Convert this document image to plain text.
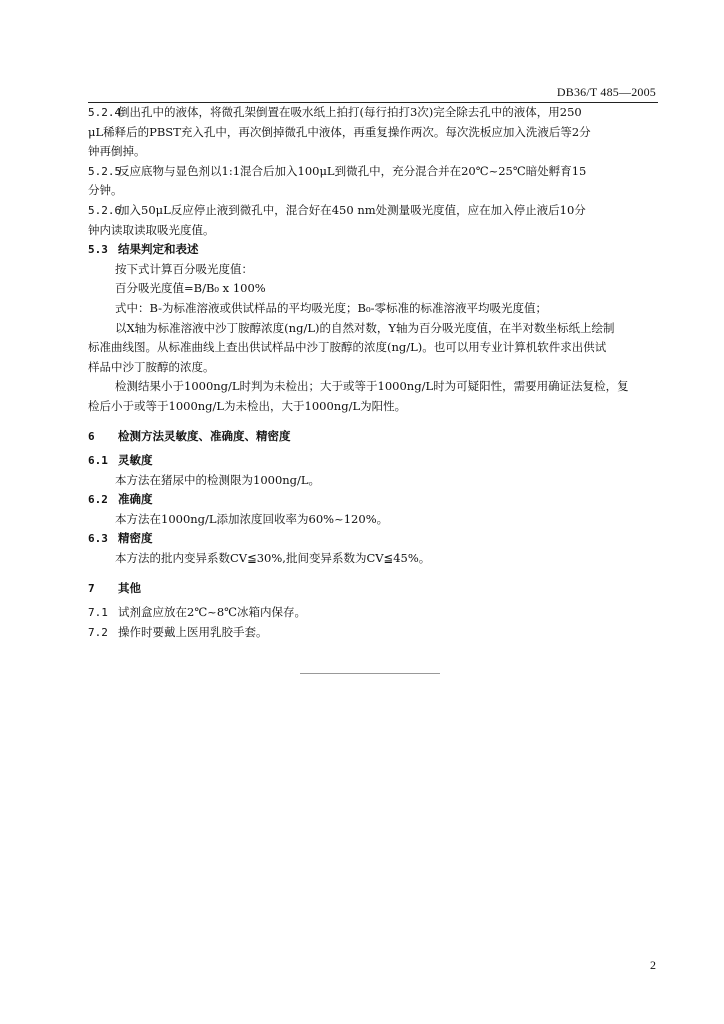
DB36/T 485—2005
5.2.4倒出孔中的液体，将微孔架倒置在吸水纸上拍打(每行拍打3次)完全除去孔中的液体，用250
μL稀释后的PBST充入孔中，再次倒掉微孔中液体，再重复操作两次。每次洗板应加入洗液后等2分
钟再倒掉。
5.2.5反应底物与显色剂以1:1混合后加入100μL到微孔中，充分混合并在20℃~25℃暗处孵育15
分钟。
5.2.6加入50μL反应停止液到微孔中，混合好在450 nm处测量吸光度值，应在加入停止液后10分
钟内读取读取吸光度值。
5.3 结果判定和表述
按下式计算百分吸光度值：
百分吸光度值=B/B₀ x 100%
式中：B-为标准溶液或供试样品的平均吸光度；B₀-零标准的标准溶液平均吸光度值；
以X轴为标准溶液中沙丁胺醇浓度(ng/L)的自然对数，Y轴为百分吸光度值，在半对数坐标纸上绘制
标准曲线图。从标准曲线上查出供试样品中沙丁胺醇的浓度(ng/L)。也可以用专业计算机软件求出供试
样品中沙丁胺醇的浓度。
检测结果小于1000ng/L时判为未检出；大于或等于1000ng/L时为可疑阳性，需要用确证法复检，复
检后小于或等于1000ng/L为未检出，大于1000ng/L为阳性。
6 检测方法灵敏度、准确度、精密度
6.1 灵敏度
本方法在猪尿中的检测限为1000ng/L。
6.2 准确度
本方法在1000ng/L添加浓度回收率为60%~120%。
6.3 精密度
本方法的批内变异系数CV≦30%,批间变异系数为CV≦45%。
7 其他
7.1 试剂盒应放在2℃~8℃冰箱内保存。
7.2 操作时要戴上医用乳胶手套。
2
